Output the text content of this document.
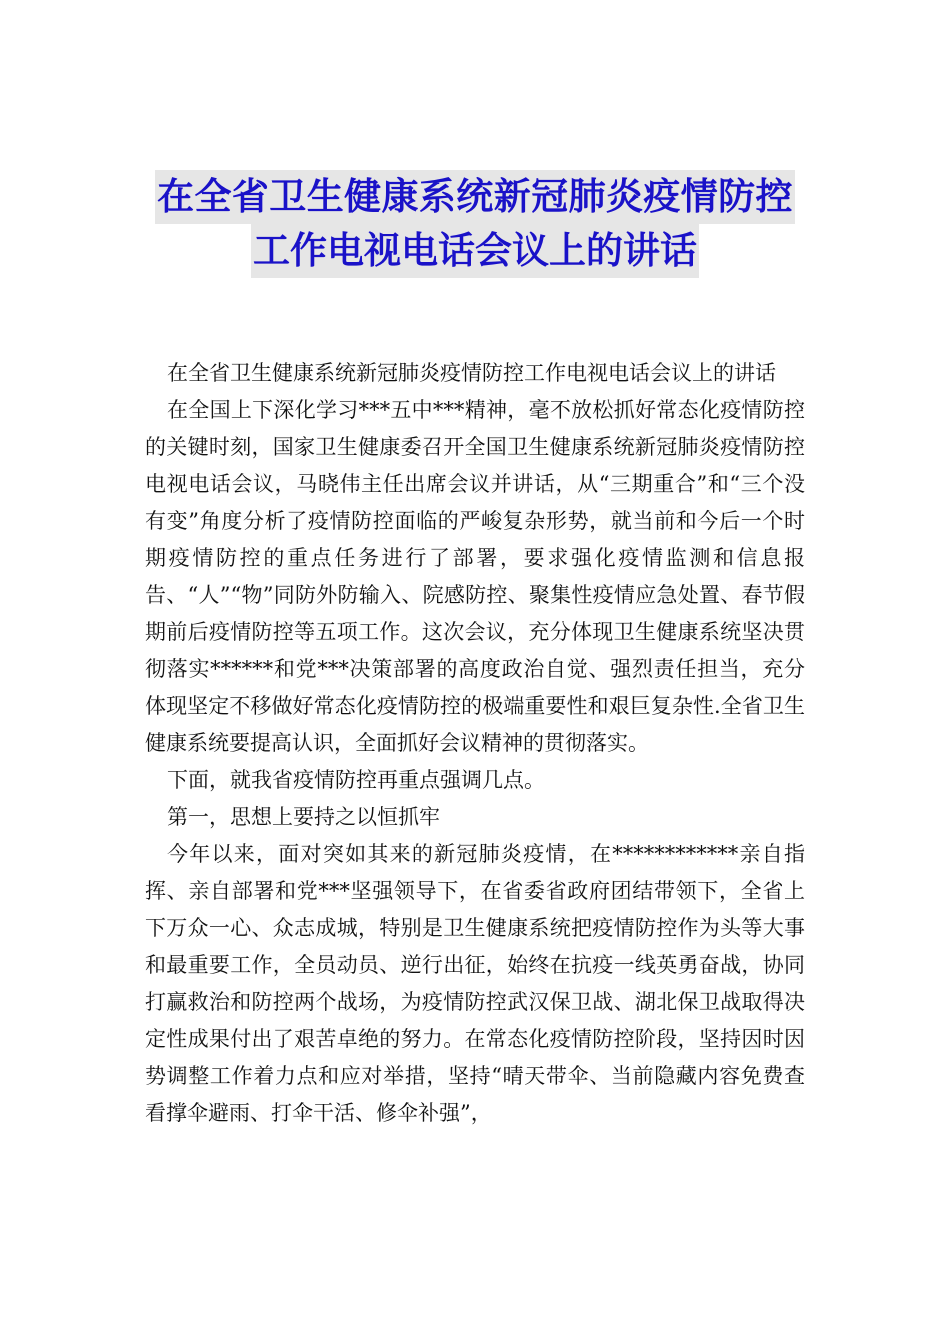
在全省卫生健康系统新冠肺炎疫情防控
工作电视电话会议上的讲话

在全省卫生健康系统新冠肺炎疫情防控工作电视电话会议上的讲话

在全国上下深化学习***五中***精神，毫不放松抓好常态化疫情防控的关键时刻，国家卫生健康委召开全国卫生健康系统新冠肺炎疫情防控电视电话会议，马晓伟主任出席会议并讲话，从“三期重合”和“三个没有变”角度分析了疫情防控面临的严峻复杂形势，就当前和今后一个时期疫情防控的重点任务进行了部署，要求强化疫情监测和信息报告、“人”“物”同防外防输入、院感防控、聚集性疫情应急处置、春节假期前后疫情防控等五项工作。这次会议，充分体现卫生健康系统坚决贯彻落实******和党***决策部署的高度政治自觉、强烈责任担当，充分体现坚定不移做好常态化疫情防控的极端重要性和艰巨复杂性.全省卫生健康系统要提高认识，全面抓好会议精神的贯彻落实。

下面，就我省疫情防控再重点强调几点。

第一，思想上要持之以恒抓牢

今年以来，面对突如其来的新冠肺炎疫情，在************亲自指挥、亲自部署和党***坚强领导下，在省委省政府团结带领下，全省上下万众一心、众志成城，特别是卫生健康系统把疫情防控作为头等大事和最重要工作，全员动员、逆行出征，始终在抗疫一线英勇奋战，协同打赢救治和防控两个战场，为疫情防控武汉保卫战、湖北保卫战取得决定性成果付出了艰苦卓绝的努力。在常态化疫情防控阶段，坚持因时因势调整工作着力点和应对举措，坚持“晴天带伞、当前隐藏内容免费查看撑伞避雨、打伞干活、修伞补强”，
